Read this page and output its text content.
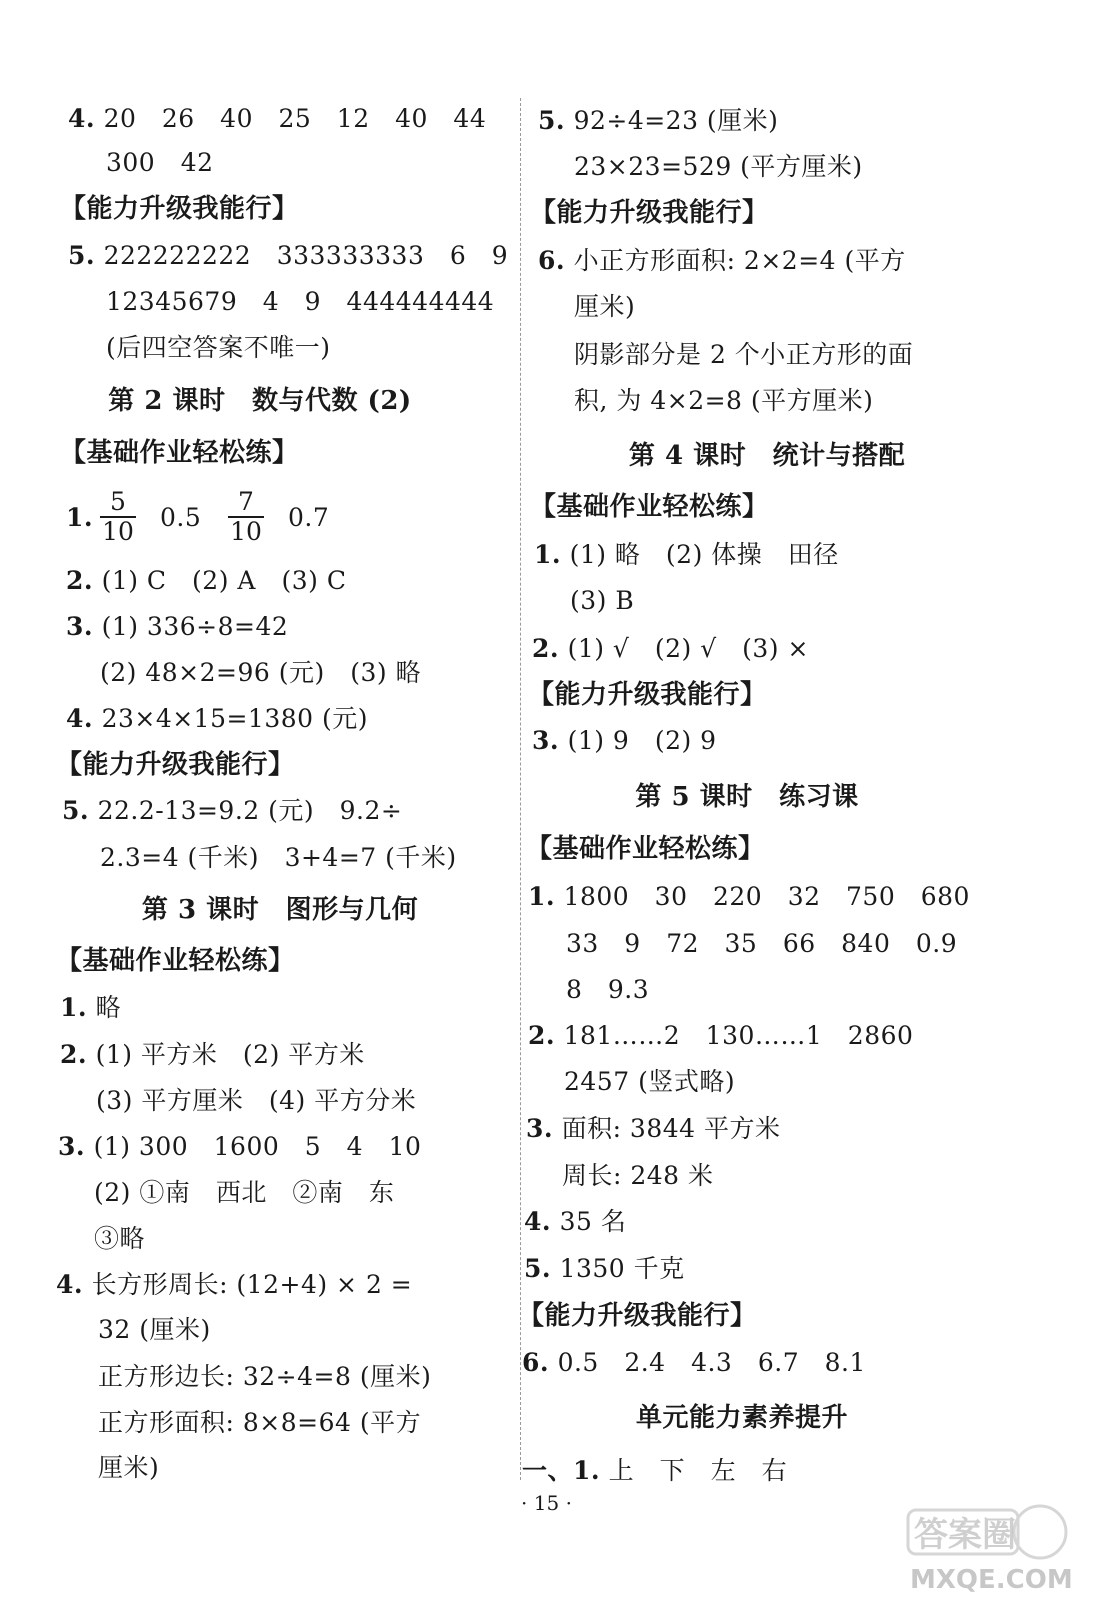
4. 20　26　40　25　12　40　44
300　42
【能力升级我能行】
5. 222222222　333333333　6　9
12345679　4　9　444444444
(后四空答案不唯一)
第 2 课时　数与代数 (2)
【基础作业轻松练】
1. $\frac{5}{10} 0.5 \frac{7}{10} 0.7$
2. (1) C　(2) A　(3) C
3. (1) 336÷8=42
(2) 48×2=96 (元)　(3) 略
4. 23×4×15=1380 (元)
【能力升级我能行】
5. 22.2-13=9.2 (元)　9.2÷
2.3=4 (千米)　3+4=7 (千米)
第 3 课时　图形与几何
【基础作业轻松练】
1. 略
2. (1) 平方米　(2) 平方米
(3) 平方厘米　(4) 平方分米
3. (1) 300　1600　5　4　10
(2) ①南　西北　②南　东
③略
4. 长方形周长: (12+4) × 2 =
32 (厘米)
正方形边长: 32÷4=8 (厘米)
正方形面积: 8×8=64 (平方
厘米)
5. 92÷4=23 (厘米)
23×23=529 (平方厘米)
【能力升级我能行】
6. 小正方形面积: 2×2=4 (平方
厘米)
阴影部分是 2 个小正方形的面
积, 为 4×2=8 (平方厘米)
第 4 课时　统计与搭配
【基础作业轻松练】
1. (1) 略　(2) 体操　田径
(3) B
2. (1) √　(2) √　(3) ×
【能力升级我能行】
3. (1) 9　(2) 9
第 5 课时　练习课
【基础作业轻松练】
1. 1800　30　220　32　750　680
33　9　72　35　66　840　0.9
8　9.3
2. 181……2　130……1　2860
2457 (竖式略)
3. 面积: 3844 平方米
周长: 248 米
4. 35 名
5. 1350 千克
【能力升级我能行】
6. 0.5　2.4　4.3　6.7　8.1
单元能力素养提升
一、1. 上　下　左　右
· 15 ·
答案圈
MXQE.COM
